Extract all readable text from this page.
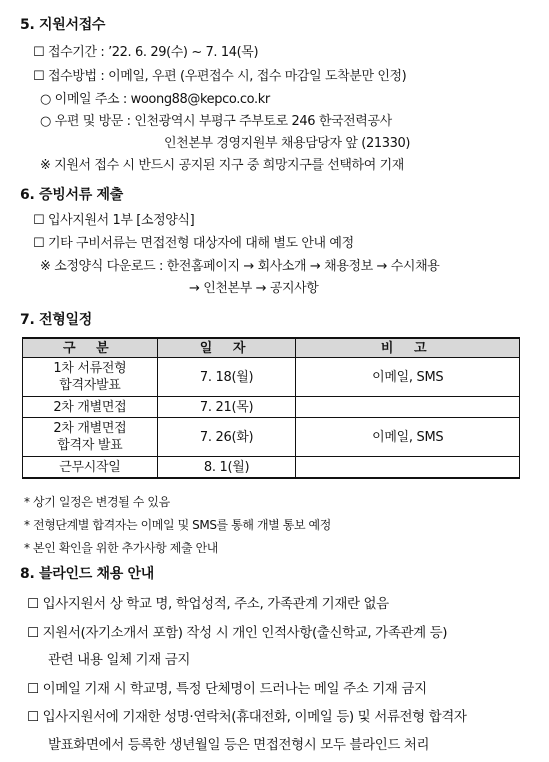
5. 지원서접수
☐ 접수기간 : ’22. 6. 29(수) ~ 7. 14(목)
☐ 접수방법 : 이메일, 우편 (우편접수 시, 접수 마감일 도착분만 인정)
○ 이메일 주소 : woong88@kepco.co.kr
○ 우편 및 방문 : 인천광역시 부평구 주부토로 246 한국전력공사
인천본부 경영지원부 채용담당자 앞 (21330)
※ 지원서 접수 시 반드시 공지된 지구 중 희망지구를 선택하여 기재
6. 증빙서류 제출
☐ 입사지원서 1부 [소정양식]
☐ 기타 구비서류는 면접전형 대상자에 대해 별도 안내 예정
※ 소정양식 다운로드 : 한전홈페이지 → 회사소개 → 채용정보 → 수시채용
→ 인천본부 → 공지사항
7. 전형일정
구 분	일 자	비 고
1차 서류전형
합격자발표	7. 18(월)	이메일, SMS
2차 개별면접	7. 21(목)	
2차 개별면접
합격자 발표	7. 26(화)	이메일, SMS
근무시작일	8. 1(월)	
* 상기 일정은 변경될 수 있음
* 전형단계별 합격자는 이메일 및 SMS를 통해 개별 통보 예정
* 본인 확인을 위한 추가사항 제출 안내
8. 블라인드 채용 안내
☐ 입사지원서 상 학교 명, 학업성적, 주소, 가족관계 기재란 없음
☐ 지원서(자기소개서 포함) 작성 시 개인 인적사항(출신학교, 가족관계 등)
관련 내용 일체 기재 금지
☐ 이메일 기재 시 학교명, 특정 단체명이 드러나는 메일 주소 기재 금지
☐ 입사지원서에 기재한 성명·연락처(휴대전화, 이메일 등) 및 서류전형 합격자
발표화면에서 등록한 생년월일 등은 면접전형시 모두 블라인드 처리
